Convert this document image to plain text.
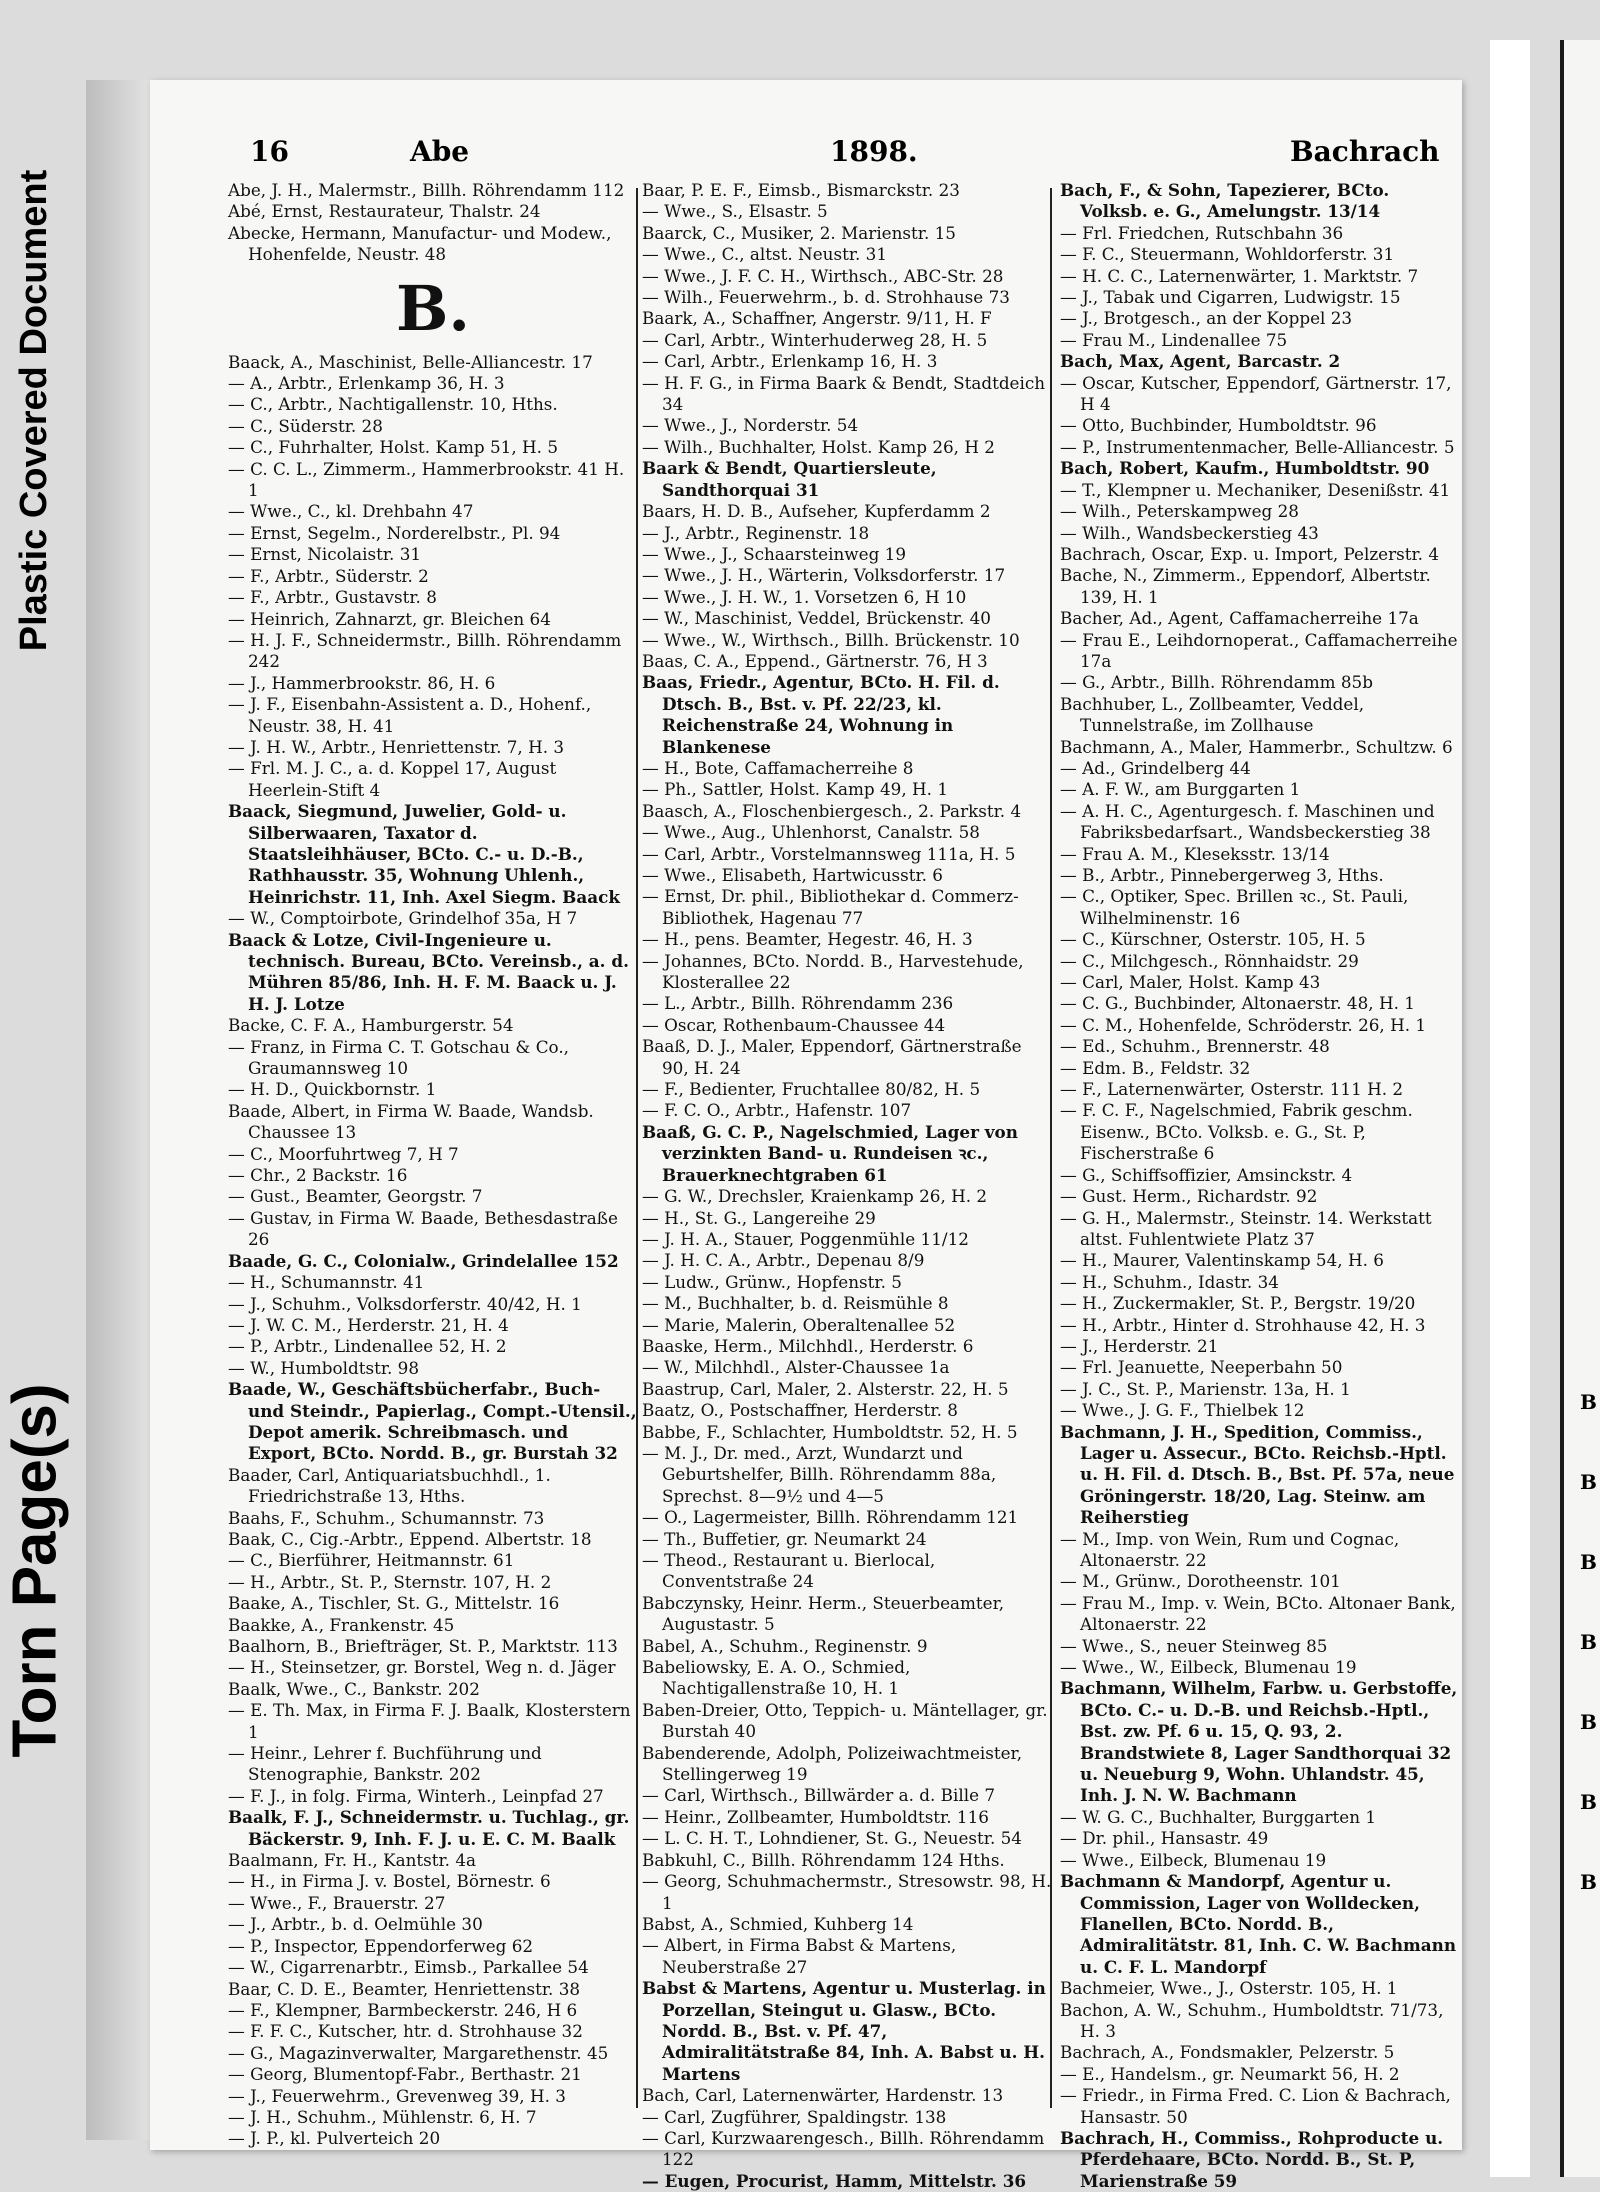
Plastic Covered Document
Torn Page(s)	B
B
B
B
B
B
B
16	Abe	1898.	Bachrach

Abe, J. H., Malermstr., Billh. Röhrendamm 112

Abé, Ernst, Restaurateur, Thalstr. 24

Abecke, Hermann, Manufactur- und Modew., Hohenfelde, Neustr. 48

B.

Baack, A., Maschinist, Belle-Alliancestr. 17

— A., Arbtr., Erlenkamp 36, H. 3

— C., Arbtr., Nachtigallenstr. 10, Hths.

— C., Süderstr. 28

— C., Fuhrhalter, Holst. Kamp 51, H. 5

— C. C. L., Zimmerm., Hammerbrookstr. 41 H. 1

— Wwe., C., kl. Drehbahn 47

— Ernst, Segelm., Norderelbstr., Pl. 94

— Ernst, Nicolaistr. 31

— F., Arbtr., Süderstr. 2

— F., Arbtr., Gustavstr. 8

— Heinrich, Zahnarzt, gr. Bleichen 64

— H. J. F., Schneidermstr., Billh. Röhrendamm 242

— J., Hammerbrookstr. 86, H. 6

— J. F., Eisenbahn-Assistent a. D., Hohenf., Neustr. 38, H. 41

— J. H. W., Arbtr., Henriettenstr. 7, H. 3

— Frl. M. J. C., a. d. Koppel 17, August Heerlein-Stift 4

Baack, Siegmund, Juwelier, Gold- u. Silberwaaren, Taxator d. Staatsleihhäuser, BCto. C.- u. D.-B., Rathhausstr. 35, Wohnung Uhlenh., Heinrichstr. 11, Inh. Axel Siegm. Baack

— W., Comptoirbote, Grindelhof 35a, H 7

Baack & Lotze, Civil-Ingenieure u. technisch. Bureau, BCto. Vereinsb., a. d. Mühren 85/86, Inh. H. F. M. Baack u. J. H. J. Lotze

Backe, C. F. A., Hamburgerstr. 54

— Franz, in Firma C. T. Gotschau & Co., Graumannsweg 10

— H. D., Quickbornstr. 1

Baade, Albert, in Firma W. Baade, Wandsb. Chaussee 13

— C., Moorfuhrtweg 7, H 7

— Chr., 2 Backstr. 16

— Gust., Beamter, Georgstr. 7

— Gustav, in Firma W. Baade, Bethesdastraße 26

Baade, G. C., Colonialw., Grindelallee 152

— H., Schumannstr. 41

— J., Schuhm., Volksdorferstr. 40/42, H. 1

— J. W. C. M., Herderstr. 21, H. 4

— P., Arbtr., Lindenallee 52, H. 2

— W., Humboldtstr. 98

Baade, W., Geschäftsbücherfabr., Buch- und Steindr., Papierlag., Compt.-Utensil., Depot amerik. Schreibmasch. und Export, BCto. Nordd. B., gr. Burstah 32

Baader, Carl, Antiquariatsbuchhdl., 1. Friedrichstraße 13, Hths.

Baahs, F., Schuhm., Schumannstr. 73

Baak, C., Cig.-Arbtr., Eppend. Albertstr. 18

— C., Bierführer, Heitmannstr. 61

— H., Arbtr., St. P., Sternstr. 107, H. 2

Baake, A., Tischler, St. G., Mittelstr. 16

Baakke, A., Frankenstr. 45

Baalhorn, B., Briefträger, St. P., Marktstr. 113

— H., Steinsetzer, gr. Borstel, Weg n. d. Jäger

Baalk, Wwe., C., Bankstr. 202

— E. Th. Max, in Firma F. J. Baalk, Klosterstern 1

— Heinr., Lehrer f. Buchführung und Stenographie, Bankstr. 202

— F. J., in folg. Firma, Winterh., Leinpfad 27

Baalk, F. J., Schneidermstr. u. Tuchlag., gr. Bäckerstr. 9, Inh. F. J. u. E. C. M. Baalk

Baalmann, Fr. H., Kantstr. 4a

— H., in Firma J. v. Bostel, Börnestr. 6

— Wwe., F., Brauerstr. 27

— J., Arbtr., b. d. Oelmühle 30

— P., Inspector, Eppendorferweg 62

— W., Cigarrenarbtr., Eimsb., Parkallee 54

Baar, C. D. E., Beamter, Henriettenstr. 38

— F., Klempner, Barmbeckerstr. 246, H 6

— F. F. C., Kutscher, htr. d. Strohhause 32

— G., Magazinverwalter, Margarethenstr. 45

— Georg, Blumentopf-Fabr., Berthastr. 21

— J., Feuerwehrm., Grevenweg 39, H. 3

— J. H., Schuhm., Mühlenstr. 6, H. 7

— J. P., kl. Pulverteich 20

Baar, P. E. F., Eimsb., Bismarckstr. 23

— Wwe., S., Elsastr. 5

Baarck, C., Musiker, 2. Marienstr. 15

— Wwe., C., altst. Neustr. 31

— Wwe., J. F. C. H., Wirthsch., ABC-Str. 28

— Wilh., Feuerwehrm., b. d. Strohhause 73

Baark, A., Schaffner, Angerstr. 9/11, H. F

— Carl, Arbtr., Winterhuderweg 28, H. 5

— Carl, Arbtr., Erlenkamp 16, H. 3

— H. F. G., in Firma Baark & Bendt, Stadtdeich 34

— Wwe., J., Norderstr. 54

— Wilh., Buchhalter, Holst. Kamp 26, H 2

Baark & Bendt, Quartiersleute, Sandthorquai 31

Baars, H. D. B., Aufseher, Kupferdamm 2

— J., Arbtr., Reginenstr. 18

— Wwe., J., Schaarsteinweg 19

— Wwe., J. H., Wärterin, Volksdorferstr. 17

— Wwe., J. H. W., 1. Vorsetzen 6, H 10

— W., Maschinist, Veddel, Brückenstr. 40

— Wwe., W., Wirthsch., Billh. Brückenstr. 10

Baas, C. A., Eppend., Gärtnerstr. 76, H 3

Baas, Friedr., Agentur, BCto. H. Fil. d. Dtsch. B., Bst. v. Pf. 22/23, kl. Reichenstraße 24, Wohnung in Blankenese

— H., Bote, Caffamacherreihe 8

— Ph., Sattler, Holst. Kamp 49, H. 1

Baasch, A., Floschenbiergesch., 2. Parkstr. 4

— Wwe., Aug., Uhlenhorst, Canalstr. 58

— Carl, Arbtr., Vorstelmannsweg 111a, H. 5

— Wwe., Elisabeth, Hartwicusstr. 6

— Ernst, Dr. phil., Bibliothekar d. Commerz-Bibliothek, Hagenau 77

— H., pens. Beamter, Hegestr. 46, H. 3

— Johannes, BCto. Nordd. B., Harvestehude, Klosterallee 22

— L., Arbtr., Billh. Röhrendamm 236

— Oscar, Rothenbaum-Chaussee 44

Baaß, D. J., Maler, Eppendorf, Gärtnerstraße 90, H. 24

— F., Bedienter, Fruchtallee 80/82, H. 5

— F. C. O., Arbtr., Hafenstr. 107

Baaß, G. C. P., Nagelschmied, Lager von verzinkten Band- u. Rundeisen ꝛc., Brauerknechtgraben 61

— G. W., Drechsler, Kraienkamp 26, H. 2

— H., St. G., Langereihe 29

— J. H. A., Stauer, Poggenmühle 11/12

— J. H. C. A., Arbtr., Depenau 8/9

— Ludw., Grünw., Hopfenstr. 5

— M., Buchhalter, b. d. Reismühle 8

— Marie, Malerin, Oberaltenallee 52

Baaske, Herm., Milchhdl., Herderstr. 6

— W., Milchhdl., Alster-Chaussee 1a

Baastrup, Carl, Maler, 2. Alsterstr. 22, H. 5

Baatz, O., Postschaffner, Herderstr. 8

Babbe, F., Schlachter, Humboldtstr. 52, H. 5

— M. J., Dr. med., Arzt, Wundarzt und Geburtshelfer, Billh. Röhrendamm 88a, Sprechst. 8—9½ und 4—5

— O., Lagermeister, Billh. Röhrendamm 121

— Th., Buffetier, gr. Neumarkt 24

— Theod., Restaurant u. Bierlocal, Conventstraße 24

Babczynsky, Heinr. Herm., Steuerbeamter, Augustastr. 5

Babel, A., Schuhm., Reginenstr. 9

Babeliowsky, E. A. O., Schmied, Nachtigallenstraße 10, H. 1

Baben-Dreier, Otto, Teppich- u. Mäntellager, gr. Burstah 40

Babenderende, Adolph, Polizeiwachtmeister, Stellingerweg 19

— Carl, Wirthsch., Billwärder a. d. Bille 7

— Heinr., Zollbeamter, Humboldtstr. 116

— L. C. H. T., Lohndiener, St. G., Neuestr. 54

Babkuhl, C., Billh. Röhrendamm 124 Hths.

— Georg, Schuhmachermstr., Stresowstr. 98, H. 1

Babst, A., Schmied, Kuhberg 14

— Albert, in Firma Babst & Martens, Neuberstraße 27

Babst & Martens, Agentur u. Musterlag. in Porzellan, Steingut u. Glasw., BCto. Nordd. B., Bst. v. Pf. 47, Admiralitätstraße 84, Inh. A. Babst u. H. Martens

Bach, Carl, Laternenwärter, Hardenstr. 13

— Carl, Zugführer, Spaldingstr. 138

— Carl, Kurzwaarengesch., Billh. Röhrendamm 122

— Eugen, Procurist, Hamm, Mittelstr. 36

Bach, F., & Sohn, Tapezierer, BCto. Volksb. e. G., Amelungstr. 13/14

— Frl. Friedchen, Rutschbahn 36

— F. C., Steuermann, Wohldorferstr. 31

— H. C. C., Laternenwärter, 1. Marktstr. 7

— J., Tabak und Cigarren, Ludwigstr. 15

— J., Brotgesch., an der Koppel 23

— Frau M., Lindenallee 75

Bach, Max, Agent, Barcastr. 2

— Oscar, Kutscher, Eppendorf, Gärtnerstr. 17, H 4

— Otto, Buchbinder, Humboldtstr. 96

— P., Instrumentenmacher, Belle-Alliancestr. 5

Bach, Robert, Kaufm., Humboldtstr. 90

— T., Klempner u. Mechaniker, Desenißstr. 41

— Wilh., Peterskampweg 28

— Wilh., Wandsbeckerstieg 43

Bachrach, Oscar, Exp. u. Import, Pelzerstr. 4

Bache, N., Zimmerm., Eppendorf, Albertstr. 139, H. 1

Bacher, Ad., Agent, Caffamacherreihe 17a

— Frau E., Leihdornoperat., Caffamacherreihe 17a

— G., Arbtr., Billh. Röhrendamm 85b

Bachhuber, L., Zollbeamter, Veddel, Tunnelstraße, im Zollhause

Bachmann, A., Maler, Hammerbr., Schultzw. 6

— Ad., Grindelberg 44

— A. F. W., am Burggarten 1

— A. H. C., Agenturgesch. f. Maschinen und Fabriksbedarfsart., Wandsbeckerstieg 38

— Frau A. M., Kleseksstr. 13/14

— B., Arbtr., Pinnebergerweg 3, Hths.

— C., Optiker, Spec. Brillen ꝛc., St. Pauli, Wilhelminenstr. 16

— C., Kürschner, Osterstr. 105, H. 5

— C., Milchgesch., Rönnhaidstr. 29

— Carl, Maler, Holst. Kamp 43

— C. G., Buchbinder, Altonaerstr. 48, H. 1

— C. M., Hohenfelde, Schröderstr. 26, H. 1

— Ed., Schuhm., Brennerstr. 48

— Edm. B., Feldstr. 32

— F., Laternenwärter, Osterstr. 111 H. 2

— F. C. F., Nagelschmied, Fabrik geschm. Eisenw., BCto. Volksb. e. G., St. P, Fischerstraße 6

— G., Schiffsoffizier, Amsinckstr. 4

— Gust. Herm., Richardstr. 92

— G. H., Malermstr., Steinstr. 14. Werkstatt altst. Fuhlentwiete Platz 37

— H., Maurer, Valentinskamp 54, H. 6

— H., Schuhm., Idastr. 34

— H., Zuckermakler, St. P., Bergstr. 19/20

— H., Arbtr., Hinter d. Strohhause 42, H. 3

— J., Herderstr. 21

— Frl. Jeanuette, Neeperbahn 50

— J. C., St. P., Marienstr. 13a, H. 1

— Wwe., J. G. F., Thielbek 12

Bachmann, J. H., Spedition, Commiss., Lager u. Assecur., BCto. Reichsb.-Hptl. u. H. Fil. d. Dtsch. B., Bst. Pf. 57a, neue Gröningerstr. 18/20, Lag. Steinw. am Reiherstieg

— M., Imp. von Wein, Rum und Cognac, Altonaerstr. 22

— M., Grünw., Dorotheenstr. 101

— Frau M., Imp. v. Wein, BCto. Altonaer Bank, Altonaerstr. 22

— Wwe., S., neuer Steinweg 85

— Wwe., W., Eilbeck, Blumenau 19

Bachmann, Wilhelm, Farbw. u. Gerbstoffe, BCto. C.- u. D.-B. und Reichsb.-Hptl., Bst. zw. Pf. 6 u. 15, Q. 93, 2. Brandstwiete 8, Lager Sandthorquai 32 u. Neueburg 9, Wohn. Uhlandstr. 45, Inh. J. N. W. Bachmann

— W. G. C., Buchhalter, Burggarten 1

— Dr. phil., Hansastr. 49

— Wwe., Eilbeck, Blumenau 19

Bachmann & Mandorpf, Agentur u. Commission, Lager von Wolldecken, Flanellen, BCto. Nordd. B., Admiralitätstr. 81, Inh. C. W. Bachmann u. C. F. L. Mandorpf

Bachmeier, Wwe., J., Osterstr. 105, H. 1

Bachon, A. W., Schuhm., Humboldtstr. 71/73, H. 3

Bachrach, A., Fondsmakler, Pelzerstr. 5

— E., Handelsm., gr. Neumarkt 56, H. 2

— Friedr., in Firma Fred. C. Lion & Bachrach, Hansastr. 50

Bachrach, H., Commiss., Rohproducte u. Pferdehaare, BCto. Nordd. B., St. P, Marienstraße 59
